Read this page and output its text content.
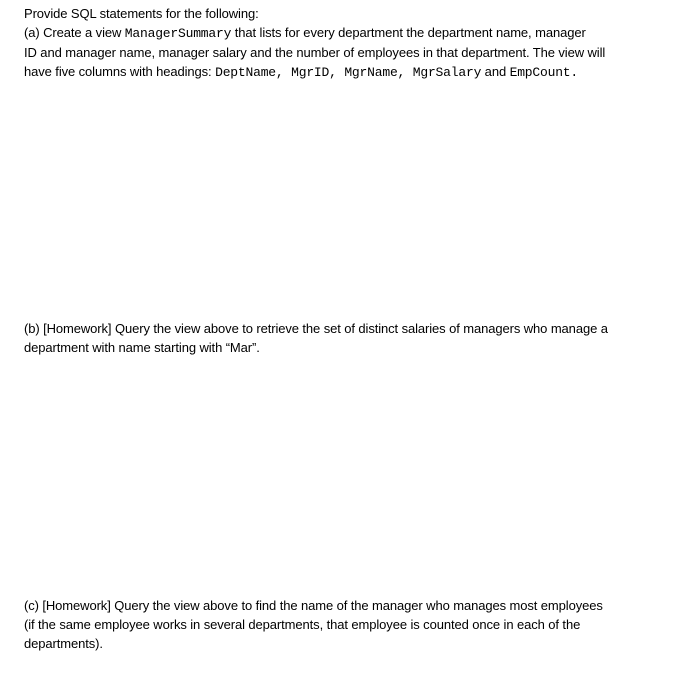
Provide SQL statements for the following:
(a) Create a view ManagerSummary that lists for every department the department name, manager
ID and manager name, manager salary and the number of employees in that department. The view will
have five columns with headings: DeptName, MgrID, MgrName, MgrSalary and EmpCount.
(b) [Homework] Query the view above to retrieve the set of distinct salaries of managers who manage a
department with name starting with “Mar”.
(c) [Homework] Query the view above to find the name of the manager who manages most employees
(if the same employee works in several departments, that employee is counted once in each of the
departments).
